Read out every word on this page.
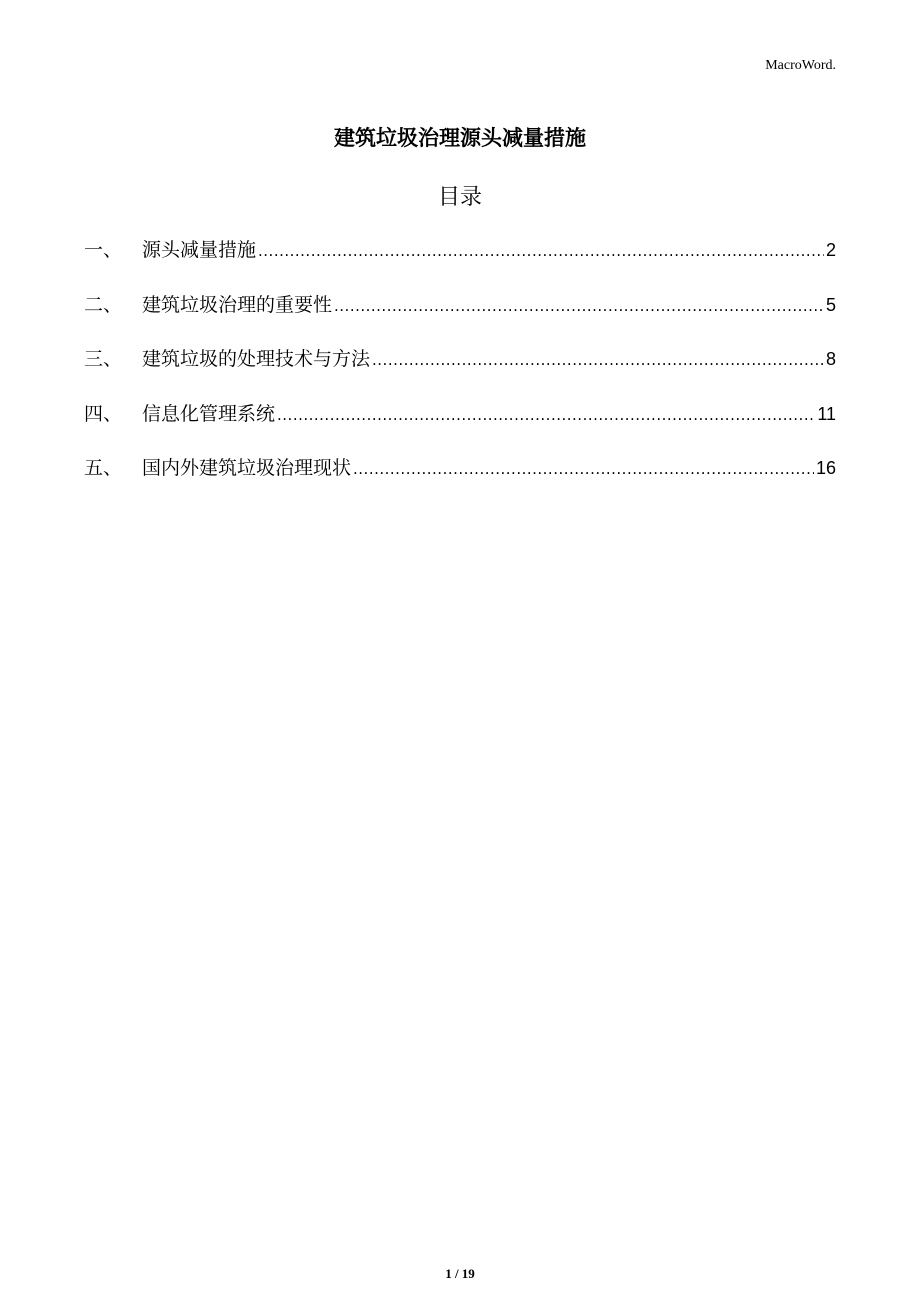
MacroWord.
建筑垃圾治理源头减量措施
目录
一、	源头减量措施 .....	2
二、	建筑垃圾治理的重要性 .....	5
三、	建筑垃圾的处理技术与方法 .....	8
四、	信息化管理系统 .....	11
五、	国内外建筑垃圾治理现状 .....	16
1 / 19
